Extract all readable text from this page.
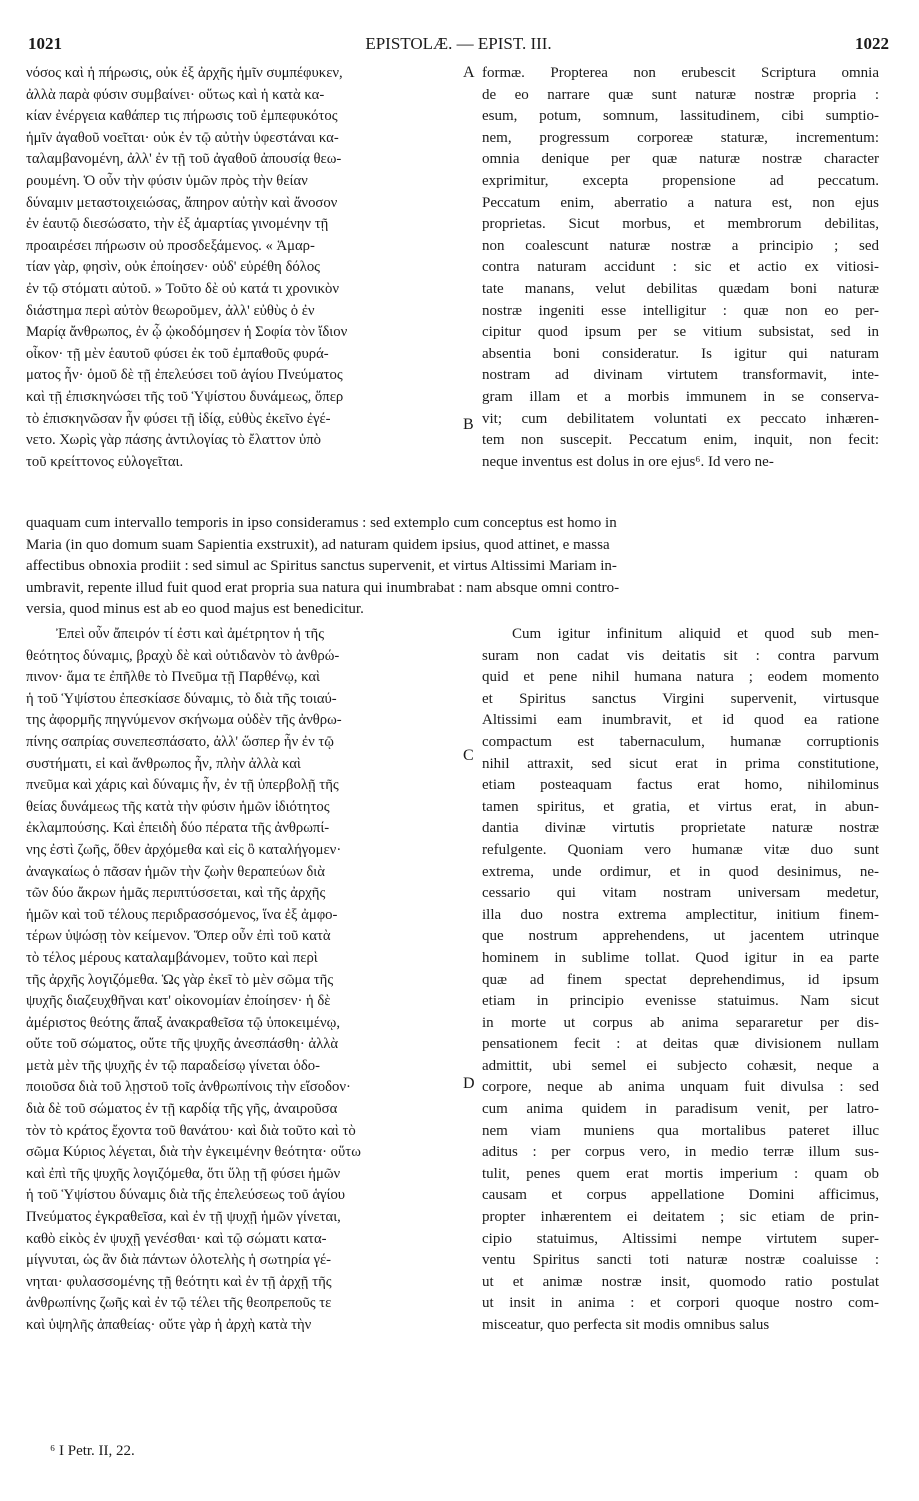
1021	EPISTOLÆ. — EPIST. III.	1022
νόσος καὶ ἡ πήρωσις, οὐκ ἐξ ἀρχῆς ἡμῖν συμπέφυκεν,
ἀλλὰ παρὰ φύσιν συμβαίνει· οὕτως καὶ ἡ κατὰ κα-
κίαν ἐνέργεια καθάπερ τις πήρωσις τοῦ ἐμπεφυκότος
ἡμῖν ἀγαθοῦ νοεῖται· οὐκ ἐν τῷ αὐτὴν ὑφεστάναι κα-
ταλαμβανομένη, ἀλλ' ἐν τῇ τοῦ ἀγαθοῦ ἀπουσίᾳ θεω-
ρουμένη. Ὁ οὖν τὴν φύσιν ὑμῶν πρὸς τὴν θείαν
δύναμιν μεταστοιχειώσας, ἄπηρον αὐτὴν καὶ ἄνοσον
ἐν ἑαυτῷ διεσώσατο, τὴν ἐξ ἁμαρτίας γινομένην τῇ
προαιρέσει πήρωσιν οὐ προσδεξάμενος. « Ἁμαρ-
τίαν γὰρ, φησὶν, οὐκ ἐποίησεν· οὐδ' εὑρέθη δόλος
ἐν τῷ στόματι αὐτοῦ. » Τοῦτο δὲ οὐ κατά τι χρονικὸν
διάστημα περὶ αὐτὸν θεωροῦμεν, ἀλλ' εὐθὺς ὁ ἐν
Μαρίᾳ ἄνθρωπος, ἐν ᾧ ᾠκοδόμησεν ἡ Σοφία τὸν ἴδιον
οἶκον· τῇ μὲν ἑαυτοῦ φύσει ἐκ τοῦ ἐμπαθοῦς φυρά-
ματος ἦν· ὁμοῦ δὲ τῇ ἐπελεύσει τοῦ ἁγίου Πνεύματος
καὶ τῇ ἐπισκηνώσει τῆς τοῦ Ὑψίστου δυνάμεως, ὅπερ
τὸ ἐπισκηνῶσαν ἦν φύσει τῇ ἰδίᾳ, εὐθὺς ἐκεῖνο ἐγέ-
νετο. Χωρὶς γὰρ πάσης ἀντιλογίας τὸ ἔλαττον ὑπὸ
τοῦ κρείττονος εὐλογεῖται.
formæ. Propterea non erubescit Scriptura omnia
de eo narrare quæ sunt naturæ nostræ propria :
esum, potum, somnum, lassitudinem, cibi sumptio-
nem, progressum corporeæ staturæ, incrementum:
omnia denique per quæ naturæ nostræ character
exprimitur, excepta propensione ad peccatum.
Peccatum enim, aberratio a natura est, non ejus
proprietas. Sicut morbus, et membrorum debilitas,
non coalescunt naturæ nostræ a principio ; sed
contra naturam accidunt : sic et actio ex vitiosi-
tate manans, velut debilitas quædam boni naturæ
nostræ ingeniti esse intelligitur : quæ non eo per-
cipitur quod ipsum per se vitium subsistat, sed in
absentia boni consideratur. Is igitur qui naturam
nostram ad divinam virtutem transformavit, inte-
gram illam et a morbis immunem in se conserva-
vit; cum debilitatem voluntati ex peccato inhæren-
tem non suscepit. Peccatum enim, inquit, non fecit:
neque inventus est dolus in ore ejus⁶. Id vero ne-
quaquam cum intervallo temporis in ipso consideramus : sed extemplo cum conceptus est homo in
Maria (in quo domum suam Sapientia exstruxit), ad naturam quidem ipsius, quod attinet, e massa
affectibus obnoxia prodiit : sed simul ac Spiritus sanctus supervenit, et virtus Altissimi Mariam in-
umbravit, repente illud fuit quod erat propria sua natura qui inumbrabat : nam absque omni contro-
versia, quod minus est ab eo quod majus est benedicitur.
Ἐπεὶ οὖν ἄπειρόν τί ἐστι καὶ ἀμέτρητον ἡ τῆς
θεότητος δύναμις, βραχὺ δὲ καὶ οὐτιδανὸν τὸ ἀνθρώ-
πινον· ἅμα τε ἐπῆλθε τὸ Πνεῦμα τῇ Παρθένῳ, καὶ
ἡ τοῦ Ὑψίστου ἐπεσκίασε δύναμις, τὸ διὰ τῆς τοιαύ-
της ἀφορμῆς πηγνύμενον σκήνωμα οὐδὲν τῆς ἀνθρω-
πίνης σαπρίας συνεπεσπάσατο, ἀλλ' ὥσπερ ἦν ἐν τῷ
συστήματι, εἰ καὶ ἄνθρωπος ἦν, πλὴν ἀλλὰ καὶ
πνεῦμα καὶ χάρις καὶ δύναμις ἦν, ἐν τῇ ὑπερβολῇ τῆς
θείας δυνάμεως τῆς κατὰ τὴν φύσιν ἡμῶν ἰδιότητος
ἐκλαμπούσης. Καὶ ἐπειδὴ δύο πέρατα τῆς ἀνθρωπί-
νης ἐστὶ ζωῆς, ὅθεν ἀρχόμεθα καὶ εἰς ὃ καταλήγομεν·
ἀναγκαίως ὁ πᾶσαν ἡμῶν τὴν ζωὴν θεραπεύων διὰ
τῶν δύο ἄκρων ἡμᾶς περιπτύσσεται, καὶ τῆς ἀρχῆς
ἡμῶν καὶ τοῦ τέλους περιδρασσόμενος, ἵνα ἐξ ἀμφο-
τέρων ὑψώσῃ τὸν κείμενον. Ὅπερ οὖν ἐπὶ τοῦ κατὰ
τὸ τέλος μέρους καταλαμβάνομεν, τοῦτο καὶ περὶ
τῆς ἀρχῆς λογιζόμεθα. Ὡς γὰρ ἐκεῖ τὸ μὲν σῶμα τῆς
ψυχῆς διαζευχθῆναι κατ' οἰκονομίαν ἐποίησεν· ἡ δὲ
ἀμέριστος θεότης ἅπαξ ἀνακραθεῖσα τῷ ὑποκειμένῳ,
οὔτε τοῦ σώματος, οὔτε τῆς ψυχῆς ἀνεσπάσθη· ἀλλὰ
μετὰ μὲν τῆς ψυχῆς ἐν τῷ παραδείσῳ γίνεται ὁδο-
ποιοῦσα διὰ τοῦ λῃστοῦ τοῖς ἀνθρωπίνοις τὴν εἴσοδον·
διὰ δὲ τοῦ σώματος ἐν τῇ καρδίᾳ τῆς γῆς, ἀναιροῦσα
τὸν τὸ κράτος ἔχοντα τοῦ θανάτου· καὶ διὰ τοῦτο καὶ τὸ
σῶμα Κύριος λέγεται, διὰ τὴν ἐγκειμένην θεότητα· οὕτω
καὶ ἐπὶ τῆς ψυχῆς λογιζόμεθα, ὅτι ὕλῃ τῇ φύσει ἡμῶν
ἡ τοῦ Ὑψίστου δύναμις διὰ τῆς ἐπελεύσεως τοῦ ἁγίου
Πνεύματος ἐγκραθεῖσα, καὶ ἐν τῇ ψυχῇ ἡμῶν γίνεται,
καθὸ εἰκὸς ἐν ψυχῇ γενέσθαι· καὶ τῷ σώματι κατα-
μίγνυται, ὡς ἂν διὰ πάντων ὁλοτελὴς ἡ σωτηρία γέ-
νηται· φυλασσομένης τῇ θεότητι καὶ ἐν τῇ ἀρχῇ τῆς
ἀνθρωπίνης ζωῆς καὶ ἐν τῷ τέλει τῆς θεοπρεποῦς τε
καὶ ὑψηλῆς ἀπαθείας· οὔτε γὰρ ἡ ἀρχὴ κατὰ τὴν
Cum igitur infinitum aliquid et quod sub men-
suram non cadat vis deitatis sit : contra parvum
quid et pene nihil humana natura ; eodem momento
et Spiritus sanctus Virgini supervenit, virtusque
Altissimi eam inumbravit, et id quod ea ratione
compactum est tabernaculum, humanæ corruptionis
nihil attraxit, sed sicut erat in prima constitutione,
etiam posteaquam factus erat homo, nihilominus
tamen spiritus, et gratia, et virtus erat, in abun-
dantia divinæ virtutis proprietate naturæ nostræ
refulgente. Quoniam vero humanæ vitæ duo sunt
extrema, unde ordimur, et in quod desinimus, ne-
cessario qui vitam nostram universam medetur,
illa duo nostra extrema amplectitur, initium finem-
que nostrum apprehendens, ut jacentem utrinque
hominem in sublime tollat. Quod igitur in ea parte
quæ ad finem spectat deprehendimus, id ipsum
etiam in principio evenisse statuimus. Nam sicut
in morte ut corpus ab anima separaretur per dis-
pensationem fecit : at deitas quæ divisionem nullam
admittit, ubi semel ei subjecto cohæsit, neque a
corpore, neque ab anima unquam fuit divulsa : sed
cum anima quidem in paradisum venit, per latro-
nem viam muniens qua mortalibus pateret illuc
aditus : per corpus vero, in medio terræ illum sus-
tulit, penes quem erat mortis imperium : quam ob
causam et corpus appellatione Domini afficimus,
propter inhærentem ei deitatem ; sic etiam de prin-
cipio statuimus, Altissimi nempe virtutem super-
ventu Spiritus sancti toti naturæ nostræ coaluisse :
ut et animæ nostræ insit, quomodo ratio postulat
ut insit in anima : et corpori quoque nostro com-
misceatur, quo perfecta sit modis omnibus salus
A
B
C
D
⁶ I Petr. II, 22.
